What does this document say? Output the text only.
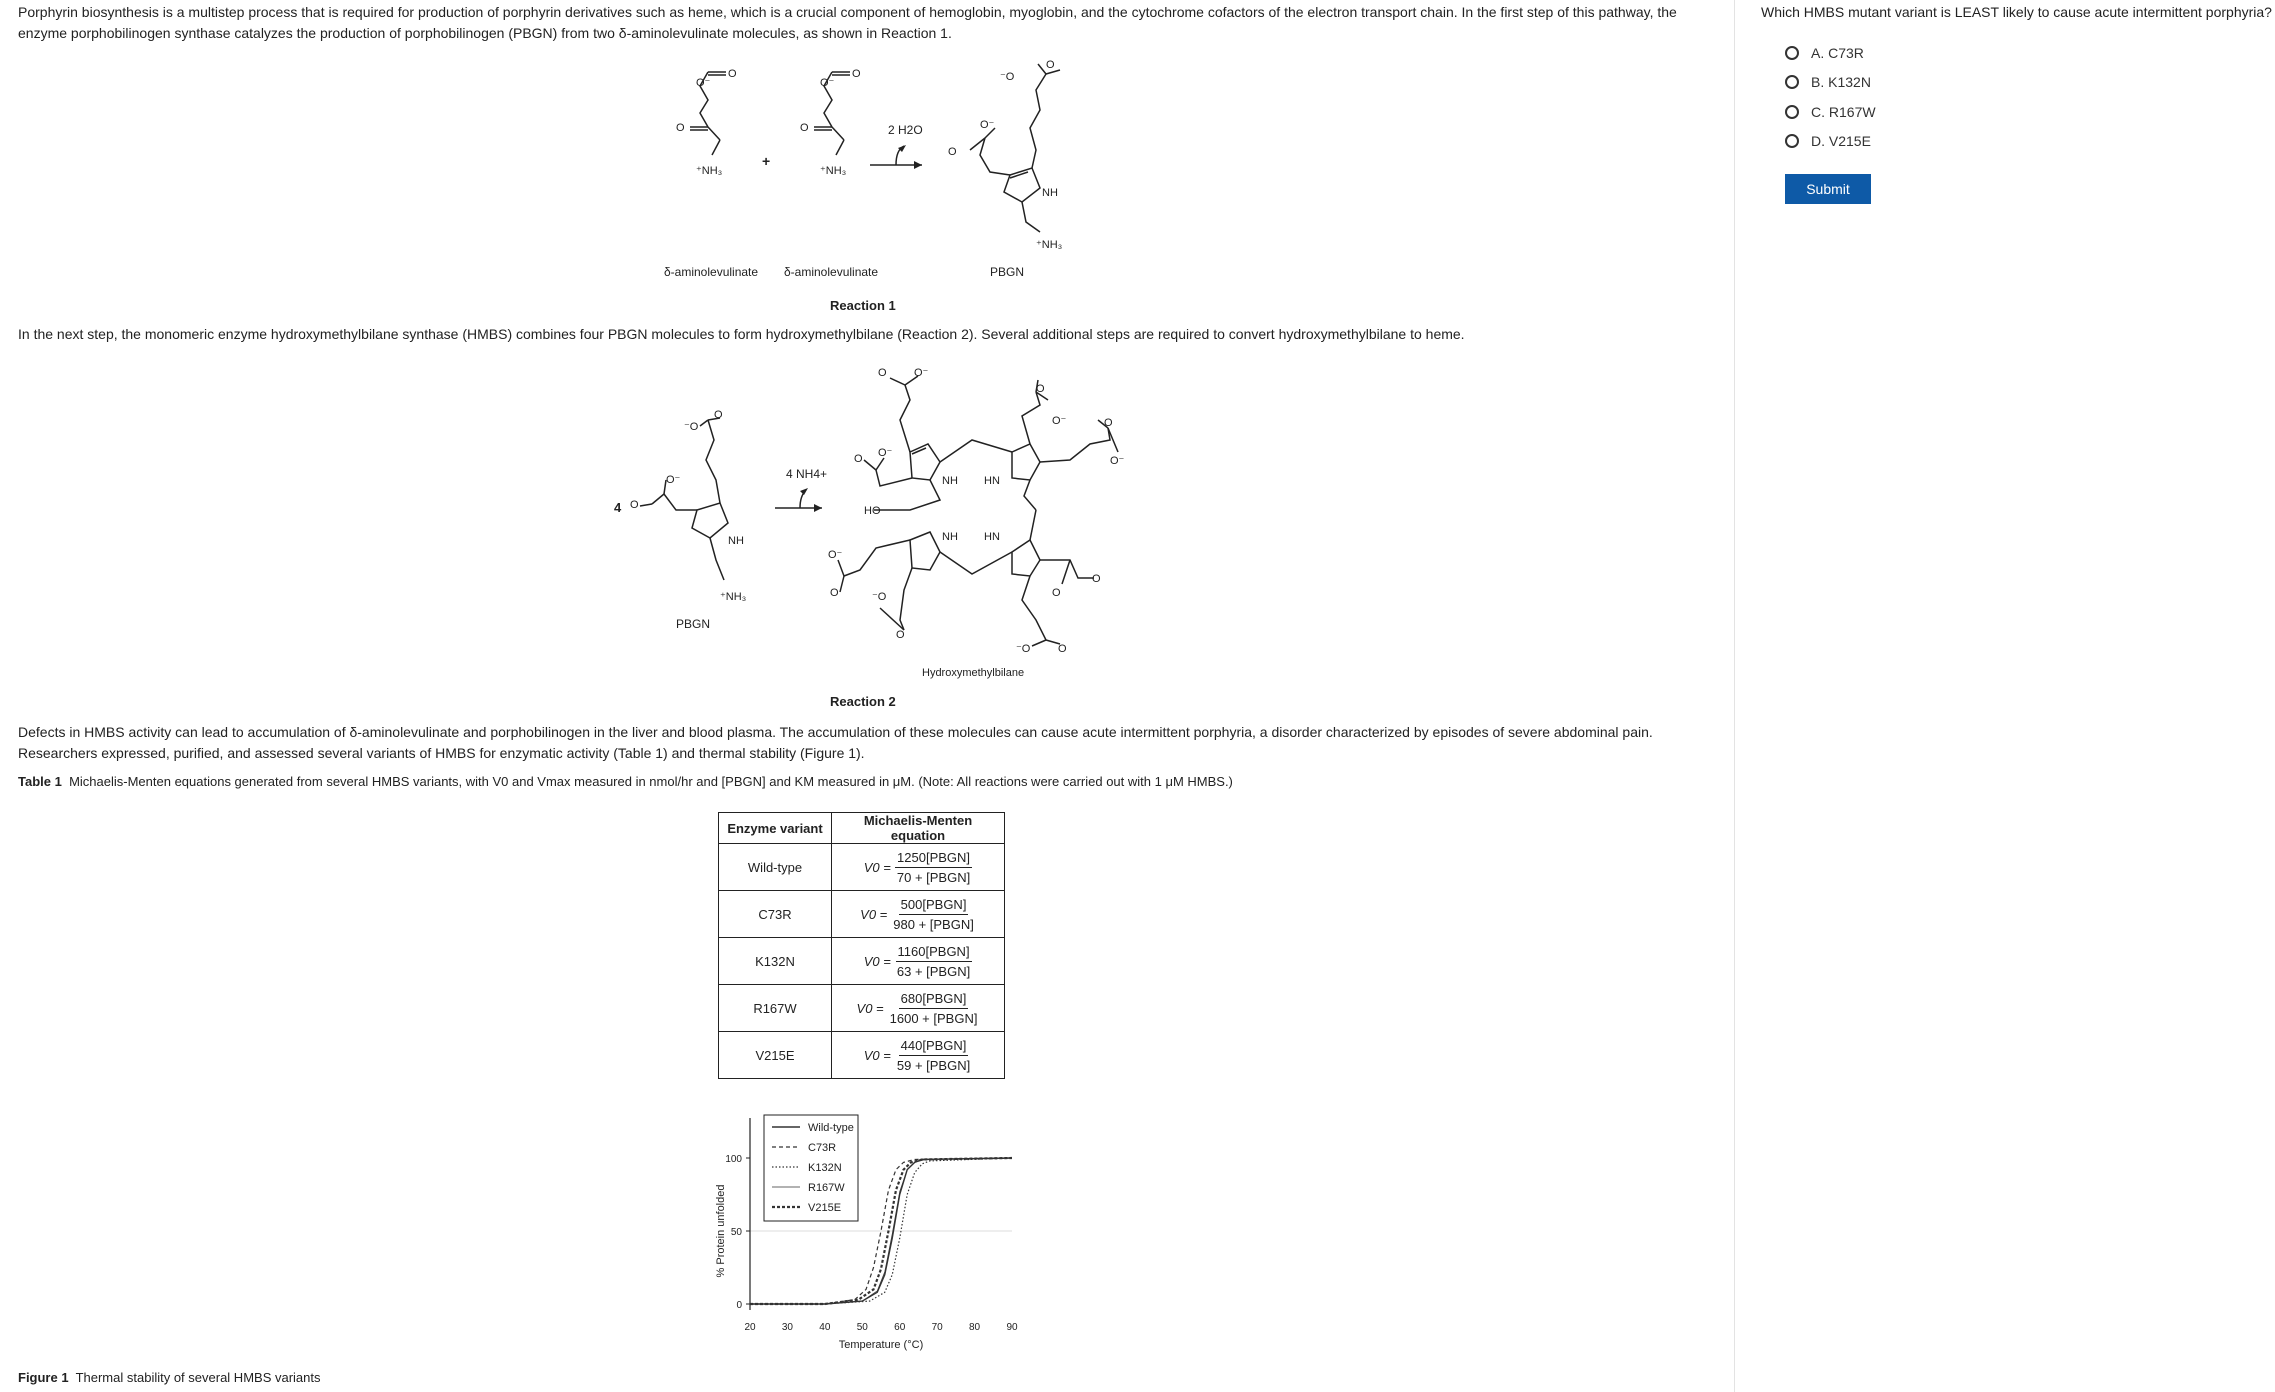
Porphyrin biosynthesis is a multistep process that is required for production of porphyrin derivatives such as heme, which is a crucial component of hemoglobin, myoglobin, and the cytochrome cofactors of the electron transport chain. In the first step of this pathway, the enzyme porphobilinogen synthase catalyzes the production of porphobilinogen (PBGN) from two δ-aminolevulinate molecules, as shown in Reaction 1.
O⁻
O
O
⁺NH₃
O⁻
O
O
⁺NH₃
O
⁻O
O
O⁻
NH
⁺NH₃
+
2 H2O
δ-aminolevulinate δ-aminolevulinate	PBGN
Reaction 1
In the next step, the monomeric enzyme hydroxymethylbilane synthase (HMBS) combines four PBGN molecules to form hydroxymethylbilane (Reaction 2). Several additional steps are required to convert hydroxymethylbilane to heme.
O
⁻O
O⁻
O
NH
⁺NH₃
O O⁻
O O⁻
NH HN
O
O⁻	O
O⁻
HO
NH HN
O⁻
O	⁻O
O
O
O
⁻O	O
4
4 NH4+
PBGN
Hydroxymethylbilane
Reaction 2
Defects in HMBS activity can lead to accumulation of δ-aminolevulinate and porphobilinogen in the liver and blood plasma. The accumulation of these molecules can cause acute intermittent porphyria, a disorder characterized by episodes of severe abdominal pain. Researchers expressed, purified, and assessed several variants of HMBS for enzymatic activity (Table 1) and thermal stability (Figure 1).
Table 1 Michaelis-Menten equations generated from several HMBS variants, with V0 and Vmax measured in nmol/hr and [PBGN] and KM measured in μM. (Note: All reactions were carried out with 1 μM HMBS.)
Enzyme variant	Michaelis-Menten equation
Wild-type	$V0 = \frac{\text{1250[PBGN]}}{\text{70 + [PBGN]}}$

C73R	$V0 = \frac{\text{500[PBGN]}}{\text{980 + [PBGN]}}$

K132N	$V0 = \frac{\text{1160[PBGN]}}{\text{63 + [PBGN]}}$

R167W	$V0 = \frac{\text{680[PBGN]}}{\text{1600 + [PBGN]}}$

V215E	$V0 = \frac{\text{440[PBGN]}}{\text{59 + [PBGN]}}$
0
50
100
20	30	40	50	60	70	80	90
Temperature (°C)
% Protein unfolded
Wild-type
C73R
K132N
R167W
V215E
Figure 1 Thermal stability of several HMBS variants
Which HMBS mutant variant is LEAST likely to cause acute intermittent porphyria?
A. C73R
B. K132N
C. R167W
D. V215E
Submit
